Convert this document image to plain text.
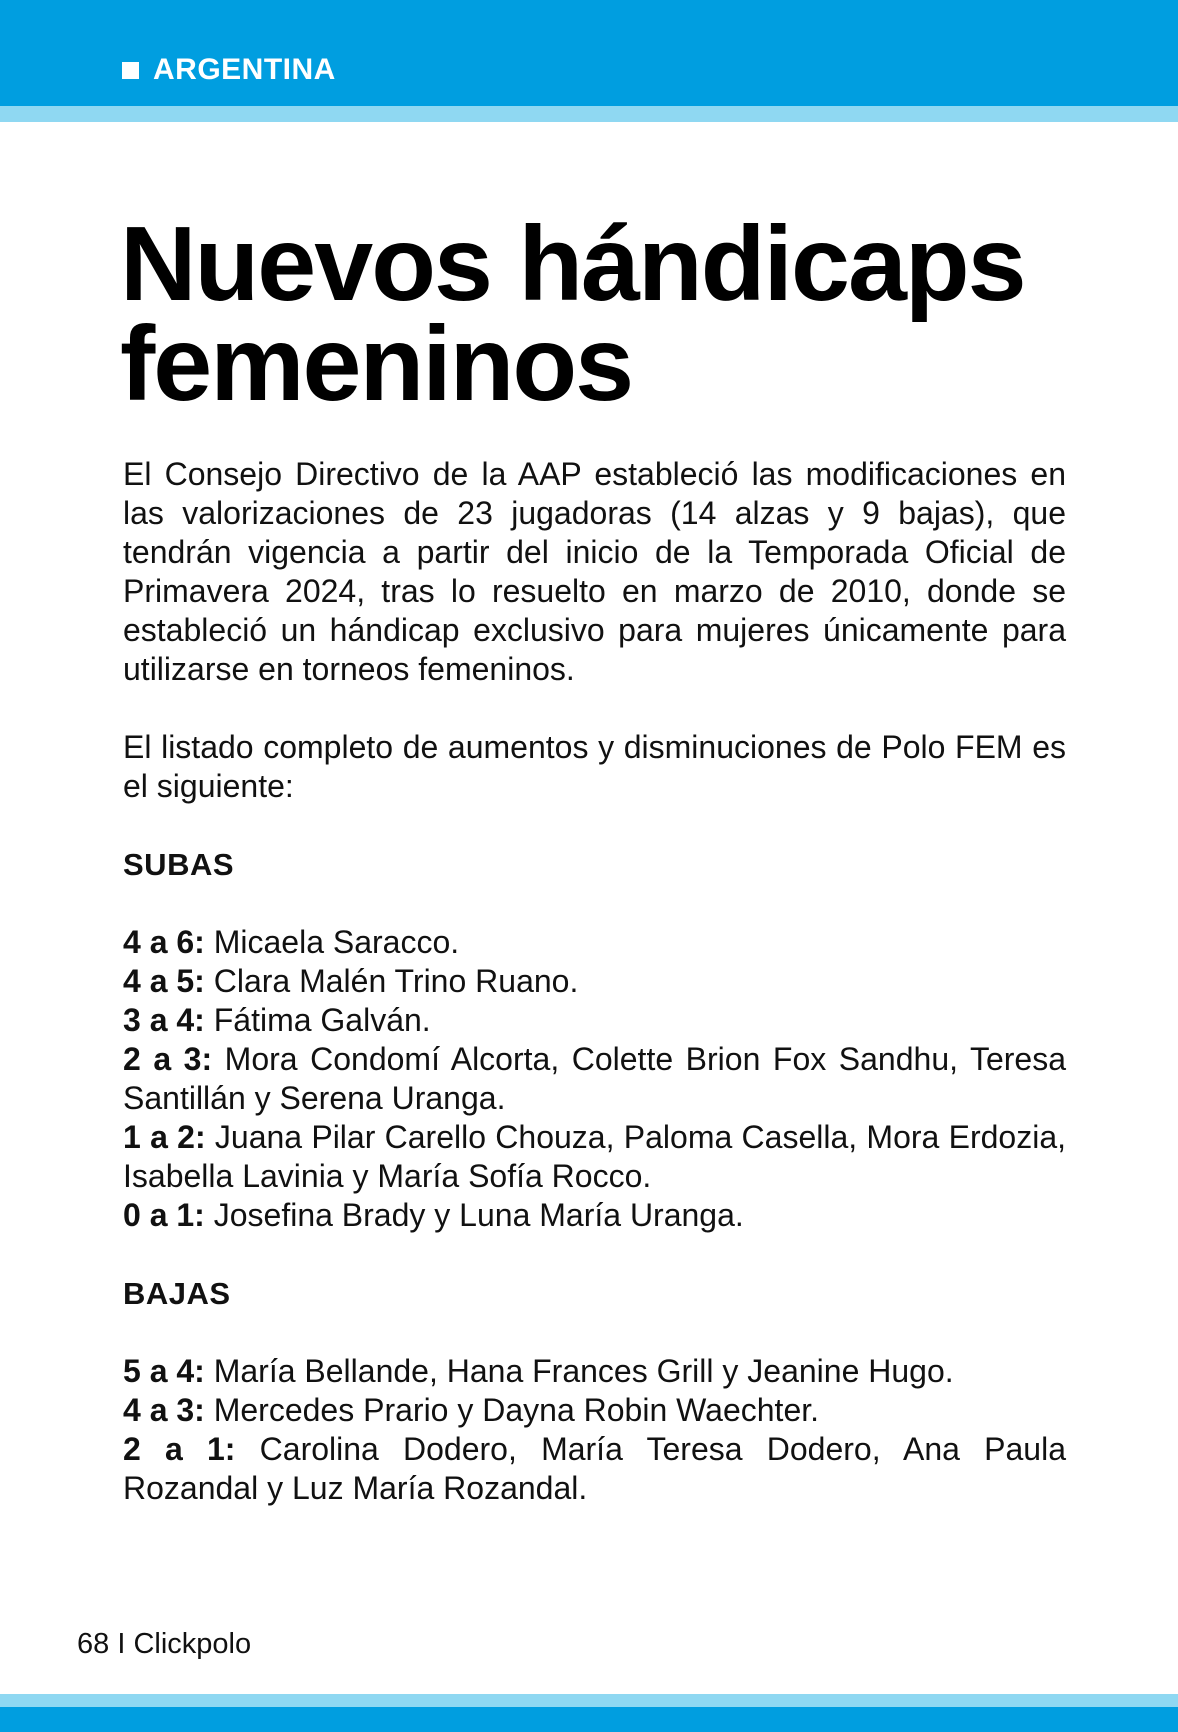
ARGENTINA
Nuevos hándicaps femeninos

El Consejo Directivo de la AAP estableció las modificaciones en las valorizaciones de 23 jugadoras (14 alzas y 9 bajas), que tendrán vigencia a partir del inicio de la Temporada Oficial de Primavera 2024, tras lo resuelto en marzo de 2010, donde se estableció un hándicap exclusivo para mujeres únicamente para utilizarse en torneos femeninos.

El listado completo de aumentos y disminuciones de Polo FEM es el siguiente:

SUBAS

4 a 6: Micaela Saracco.

4 a 5: Clara Malén Trino Ruano.

3 a 4: Fátima Galván.

2 a 3: Mora Condomí Alcorta, Colette Brion Fox Sandhu, Teresa Santillán y Serena Uranga.

1 a 2: Juana Pilar Carello Chouza, Paloma Casella, Mora Erdozia, Isabella Lavinia y María Sofía Rocco.

0 a 1: Josefina Brady y Luna María Uranga.

BAJAS

5 a 4: María Bellande, Hana Frances Grill y Jeanine Hugo.

4 a 3: Mercedes Prario y Dayna Robin Waechter.

2 a 1: Carolina Dodero, María Teresa Dodero, Ana Paula Rozandal y Luz María Rozandal.

68 I Clickpolo
